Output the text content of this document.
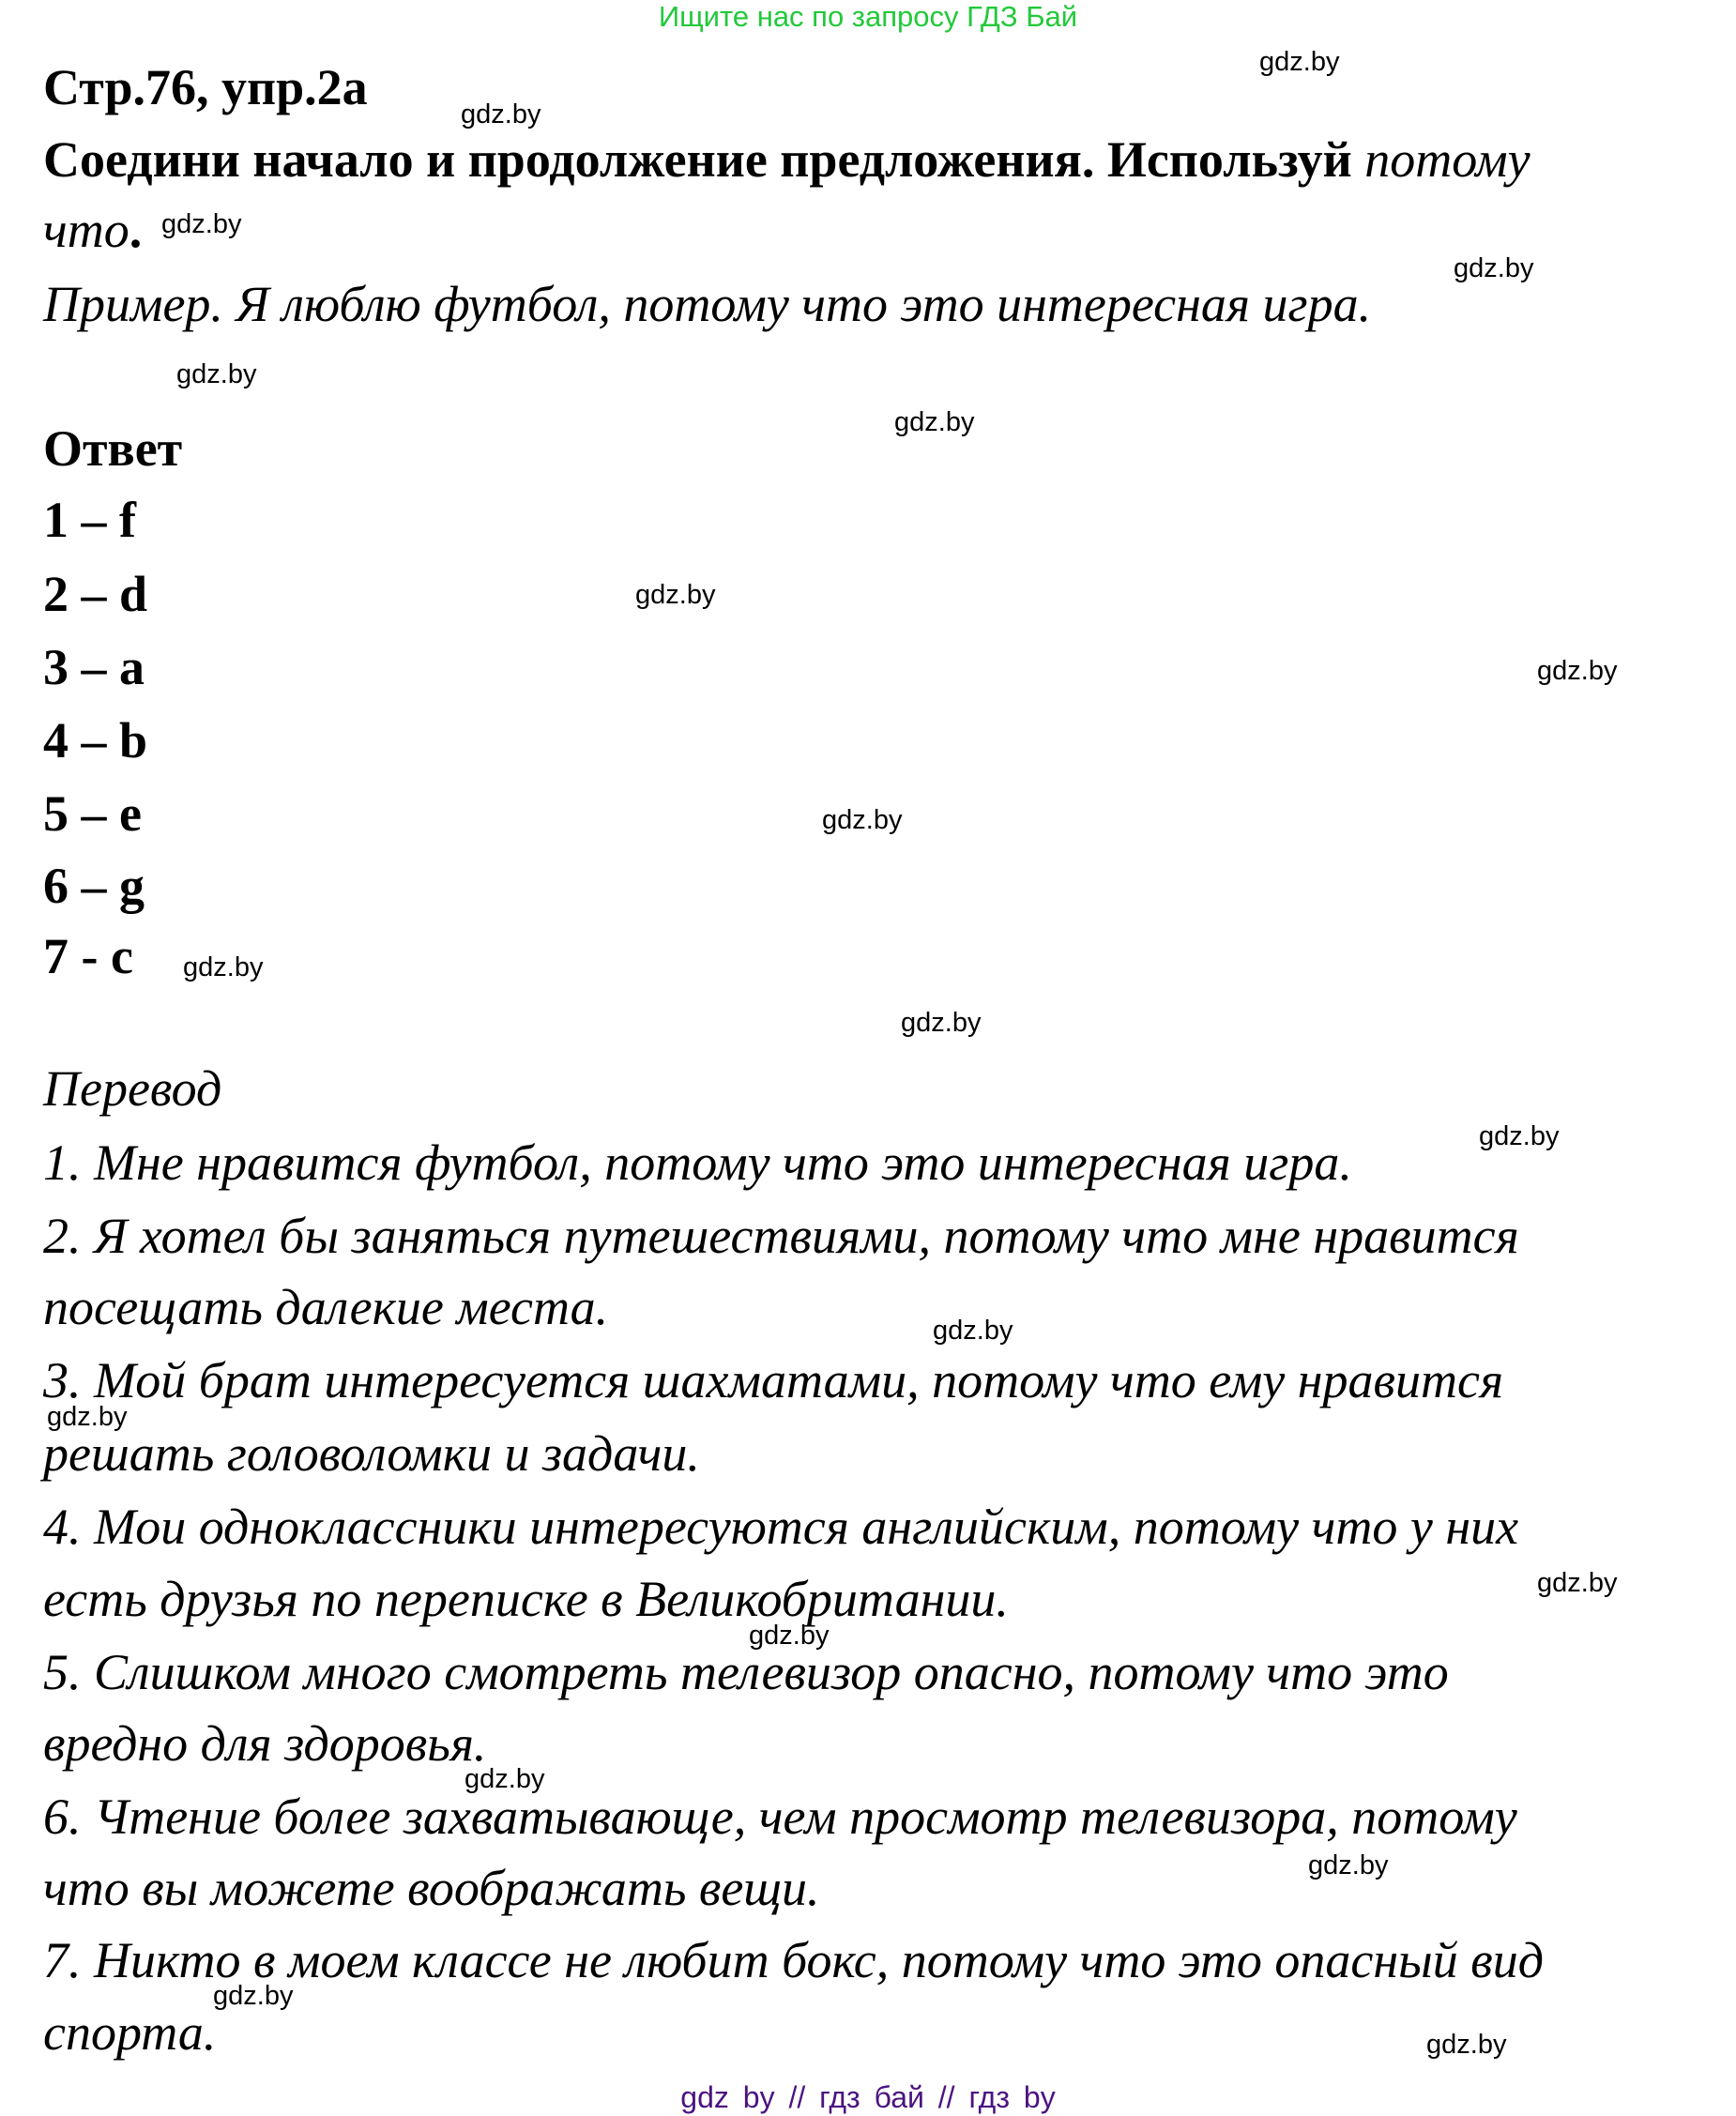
Ищите нас по запросу ГДЗ Бай
Стр.76, упр.2а
Соедини начало и продолжение предложения. Используй потому
что.
Пример. Я люблю футбол, потому что это интересная игра.
Ответ
1 – f
2 – d
3 – a
4 – b
5 – e
6 – g
7 - c
Перевод
1. Мне нравится футбол, потому что это интересная игра.
2. Я хотел бы заняться путешествиями, потому что мне нравится
посещать далекие места.
3. Мой брат интересуется шахматами, потому что ему нравится
решать головоломки и задачи.
4. Мои одноклассники интересуются английским, потому что у них
есть друзья по переписке в Великобритании.
5. Слишком много смотреть телевизор опасно, потому что это
вредно для здоровья.
6. Чтение более захватывающе, чем просмотр телевизора, потому
что вы можете воображать вещи.
7. Никто в моем классе не любит бокс, потому что это опасный вид
спорта.
gdz.by
gdz.by
gdz.by
gdz.by
gdz.by
gdz.by
gdz.by
gdz.by
gdz.by
gdz.by
gdz.by
gdz.by
gdz.by
gdz.by
gdz.by
gdz.by
gdz.by
gdz.by
gdz.by
gdz.by
gdz by // гдз бай // гдз by
